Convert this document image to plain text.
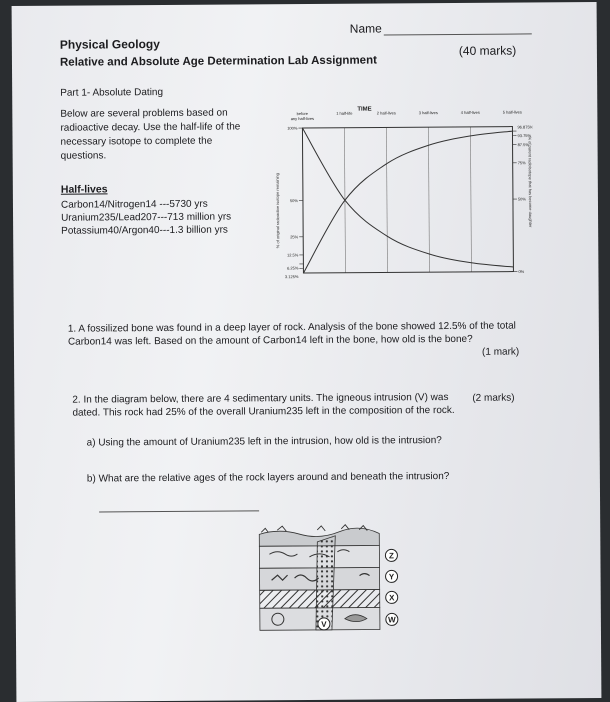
Name
Physical Geology
Relative and Absolute Age Determination Lab Assignment
(40 marks)
Part 1- Absolute Dating
Below are several problems based on radioactive decay. Use the half-life of the necessary isotope to complete the questions.
Half-lives
Carbon14/Nitrogen14 ---5730 yrs
Uranium235/Lead207---713 million yrs
Potassium40/Argon40---1.3 billion yrs
TIME
before any half-lives
1 half-life	2 half-lives	3 half-lives	4 half-lives	5 half-lives
100%
50%
25%
12.5%
6.25%
3.125%
96.875%
93.75%
87.5%
75%
50%
0%
% of original radioactive isotope remaining	% of parent radioisotope that has become daughter
1. A fossilized bone was found in a deep layer of rock. Analysis of the bone showed 12.5% of the total Carbon14 was left. Based on the amount of Carbon14 left in the bone, how old is the bone?
(1 mark)
2. In the diagram below, there are 4 sedimentary units. The igneous intrusion (V) was dated. This rock had 25% of the overall Uranium235 left in the composition of the rock.
(2 marks)
a) Using the amount of Uranium235 left in the intrusion, how old is the intrusion?
b) What are the relative ages of the rock layers around and beneath the intrusion?
Z
Y
X
V	W
